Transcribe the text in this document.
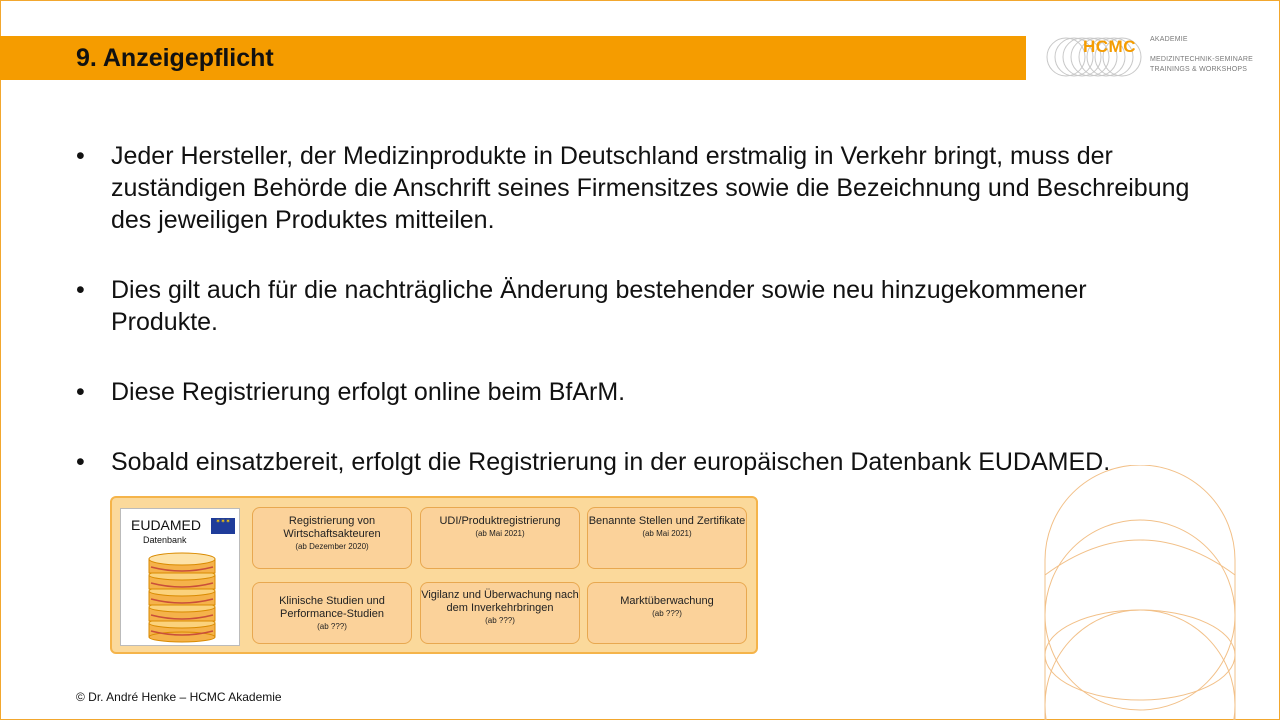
9. Anzeigepflicht	HCMC AKADEMIE
MEDIZINTECHNIK-SEMINARE
TRAININGS & WORKSHOPS
• Jeder Hersteller, der Medizinprodukte in Deutschland erstmalig in Verkehr bringt, muss der zuständigen Behörde die Anschrift seines Firmensitzes sowie die Bezeichnung und Beschreibung des jeweiligen Produktes mitteilen.
• Dies gilt auch für die nachträgliche Änderung bestehender sowie neu hinzugekommener Produkte.
• Diese Registrierung erfolgt online beim BfArM.
• Sobald einsatzbereit, erfolgt die Registrierung in der europäischen Datenbank EUDAMED.
EUDAMED
✶✶✶
Datenbank
Registrierung von Wirtschaftsakteuren
(ab Dezember 2020)
UDI/Produktregistrierung
(ab Mai 2021)
Benannte Stellen und Zertifikate
(ab Mai 2021)
Klinische Studien und Performance-Studien
(ab ???)
Vigilanz und Überwachung nach dem Inverkehrbringen
(ab ???)
Marktüberwachung
(ab ???)
© Dr. André Henke – HCMC Akademie
